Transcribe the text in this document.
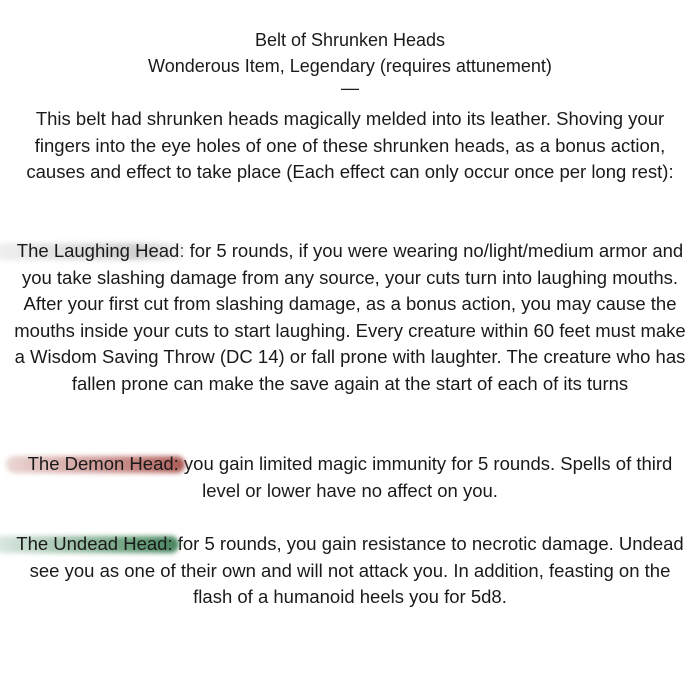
Belt of Shrunken Heads
Wonderous Item, Legendary (requires attunement)
—

This belt had shrunken heads magically melded into its leather. Shoving your fingers into the eye holes of one of these shrunken heads, as a bonus action, causes and effect to take place (Each effect can only occur once per long rest):

The Laughing Head: for 5 rounds, if you were wearing no/light/medium armor and you take slashing damage from any source, your cuts turn into laughing mouths. After your first cut from slashing damage, as a bonus action, you may cause the mouths inside your cuts to start laughing. Every creature within 60 feet must make a Wisdom Saving Throw (DC 14) or fall prone with laughter. The creature who has fallen prone can make the save again at the start of each of its turns

The Demon Head: you gain limited magic immunity for 5 rounds. Spells of third level or lower have no affect on you.

The Undead Head: for 5 rounds, you gain resistance to necrotic damage. Undead see you as one of their own and will not attack you. In addition, feasting on the flash of a humanoid heels you for 5d8.
